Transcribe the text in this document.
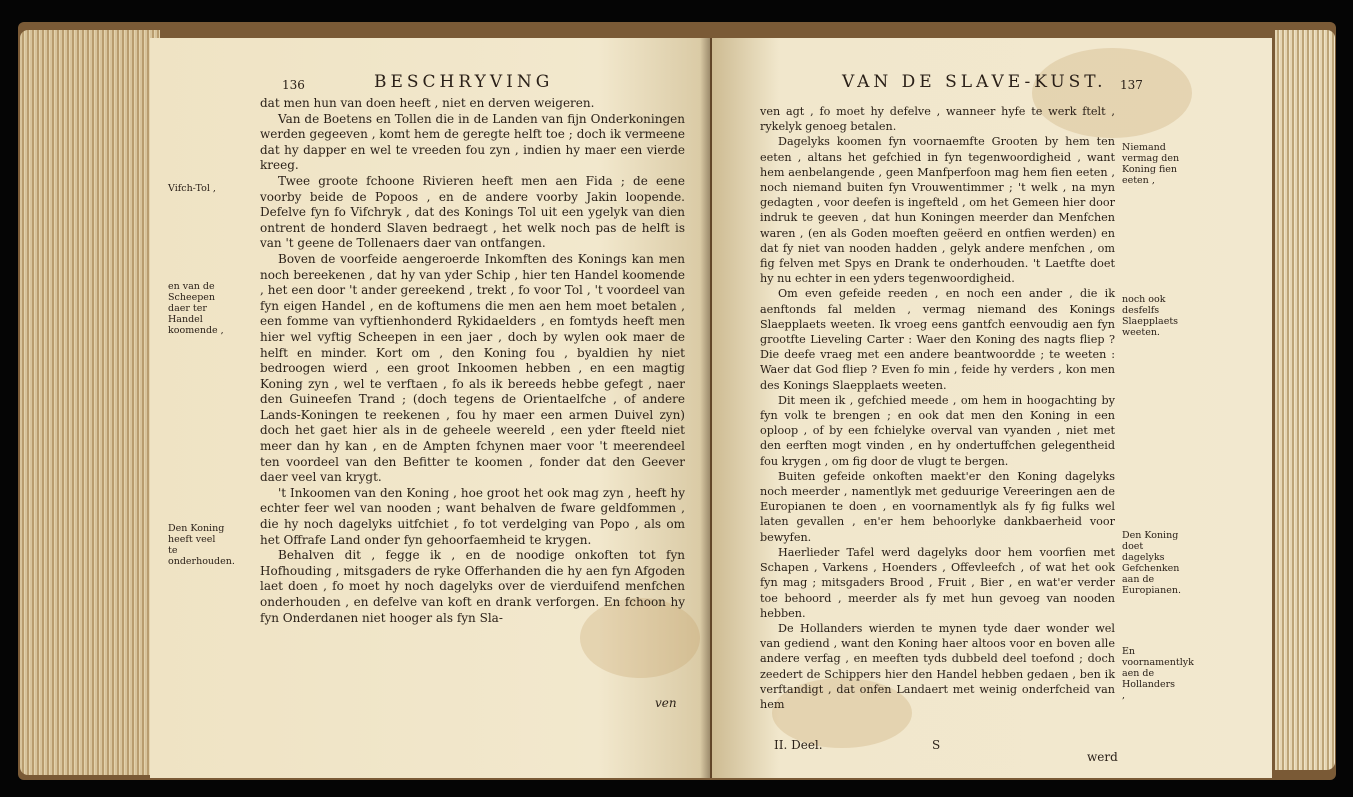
136	BESCHRYVING
Vifch-Tol ,
en van de Scheepen daer ter Handel koomende ,
Den Koning heeft veel te onderhouden.

dat men hun van doen heeft , niet en derven weigeren.

Van de Boetens en Tollen die in de Landen van fijn Onderkoningen werden gegeeven , komt hem de geregte helft toe ; doch ik vermeene dat hy dapper en wel te vreeden fou zyn , indien hy maer een vierde kreeg.

Twee groote fchoone Rivieren heeft men aen Fida ; de eene voorby beide de Popoos , en de andere voorby Jakin loopende. Defelve fyn fo Vifchryk , dat des Konings Tol uit een ygelyk van dien ontrent de honderd Slaven bedraegt , het welk noch pas de helft is van 't geene de Tollenaers daer van ontfangen.

Boven de voorfeide aengeroerde Inkomften des Konings kan men noch bereekenen , dat hy van yder Schip , hier ten Handel koomende , het een door 't ander gereekend , trekt , fo voor Tol , 't voordeel van fyn eigen Handel , en de koftumens die men aen hem moet betalen , een fomme van vyftienhonderd Rykidaelders , en fomtyds heeft men hier wel vyftig Scheepen in een jaer , doch by wylen ook maer de helft en minder. Kort om , den Koning fou , byaldien hy niet bedroogen wierd , een groot Inkoomen hebben , en een magtig Koning zyn , wel te verftaen , fo als ik bereeds hebbe gefegt , naer den Guineefen Trand ; (doch tegens de Orientaelfche , of andere Lands-Koningen te reekenen , fou hy maer een armen Duivel zyn) doch het gaet hier als in de geheele weereld , een yder fteeld niet meer dan hy kan , en de Ampten fchynen maer voor 't meerendeel ten voordeel van den Befitter te koomen , fonder dat den Geever daer veel van krygt.

't Inkoomen van den Koning , hoe groot het ook mag zyn , heeft hy echter feer wel van nooden ; want behalven de fware geldfommen , die hy noch dagelyks uitfchiet , fo tot verdelging van Popo , als om het Offrafe Land onder fyn gehoorfaemheid te krygen.

Behalven dit , fegge ik , en de noodige onkoften tot fyn Hofhouding , mitsgaders de ryke Offerhanden die hy aen fyn Afgoden laet doen , fo moet hy noch dagelyks over de vierduifend menfchen onderhouden , en defelve van koft en drank verforgen. En fchoon hy fyn Onderdanen niet hooger als fyn Sla-

ven
VAN DE SLAVE-KUST. 137
Niemand vermag den Koning fien eeten ,
noch ook desfelfs Slaepplaets weeten.
Den Koning doet dagelyks Gefchenken aan de Europianen.
En voornamentlyk aen de Hollanders ,

ven agt , fo moet hy defelve , wanneer hyfe te werk ftelt , rykelyk genoeg betalen.

Dagelyks koomen fyn voornaemfte Grooten by hem ten eeten , altans het gefchied in fyn tegenwoordigheid , want hem aenbelangende , geen Manfperfoon mag hem fien eeten , noch niemand buiten fyn Vrouwentimmer ; 't welk , na myn gedagten , voor deefen is ingefteld , om het Gemeen hier door indruk te geeven , dat hun Koningen meerder dan Menfchen waren , (en als Goden moeften geëerd en ontfien werden) en dat fy niet van nooden hadden , gelyk andere menfchen , om fig felven met Spys en Drank te onderhouden. 't Laetfte doet hy nu echter in een yders tegenwoordigheid.

Om even gefeide reeden , en noch een ander , die ik aenftonds fal melden , vermag niemand des Konings Slaepplaets weeten. Ik vroeg eens gantfch eenvoudig aen fyn grootfte Lieveling Carter : Waer den Koning des nagts fliep ? Die deefe vraeg met een andere beantwoordde ; te weeten : Waer dat God fliep ? Even fo min , feide hy verders , kon men des Konings Slaepplaets weeten.

Dit meen ik , gefchied meede , om hem in hoogachting by fyn volk te brengen ; en ook dat men den Koning in een oploop , of by een fchielyke overval van vyanden , niet met den eerften mogt vinden , en hy ondertuffchen gelegentheid fou krygen , om fig door de vlugt te bergen.

Buiten gefeide onkoften maekt'er den Koning dagelyks noch meerder , namentlyk met geduurige Vereeringen aen de Europianen te doen , en voornamentlyk als fy fig fulks wel laten gevallen , en'er hem behoorlyke dankbaerheid voor bewyfen.

Haerlieder Tafel werd dagelyks door hem voorfien met Schapen , Varkens , Hoenders , Offevleefch , of wat het ook fyn mag ; mitsgaders Brood , Fruit , Bier , en wat'er verder toe behoord , meerder als fy met hun gevoeg van nooden hebben.

De Hollanders wierden te mynen tyde daer wonder wel van gediend , want den Koning haer altoos voor en boven alle andere verfag , en meeften tyds dubbeld deel toefond ; doch zeedert de Schippers hier den Handel hebben gedaen , ben ik verftandigt , dat onfen Landaert met weinig onderfcheid van hem

II. Deel.	S
werd
